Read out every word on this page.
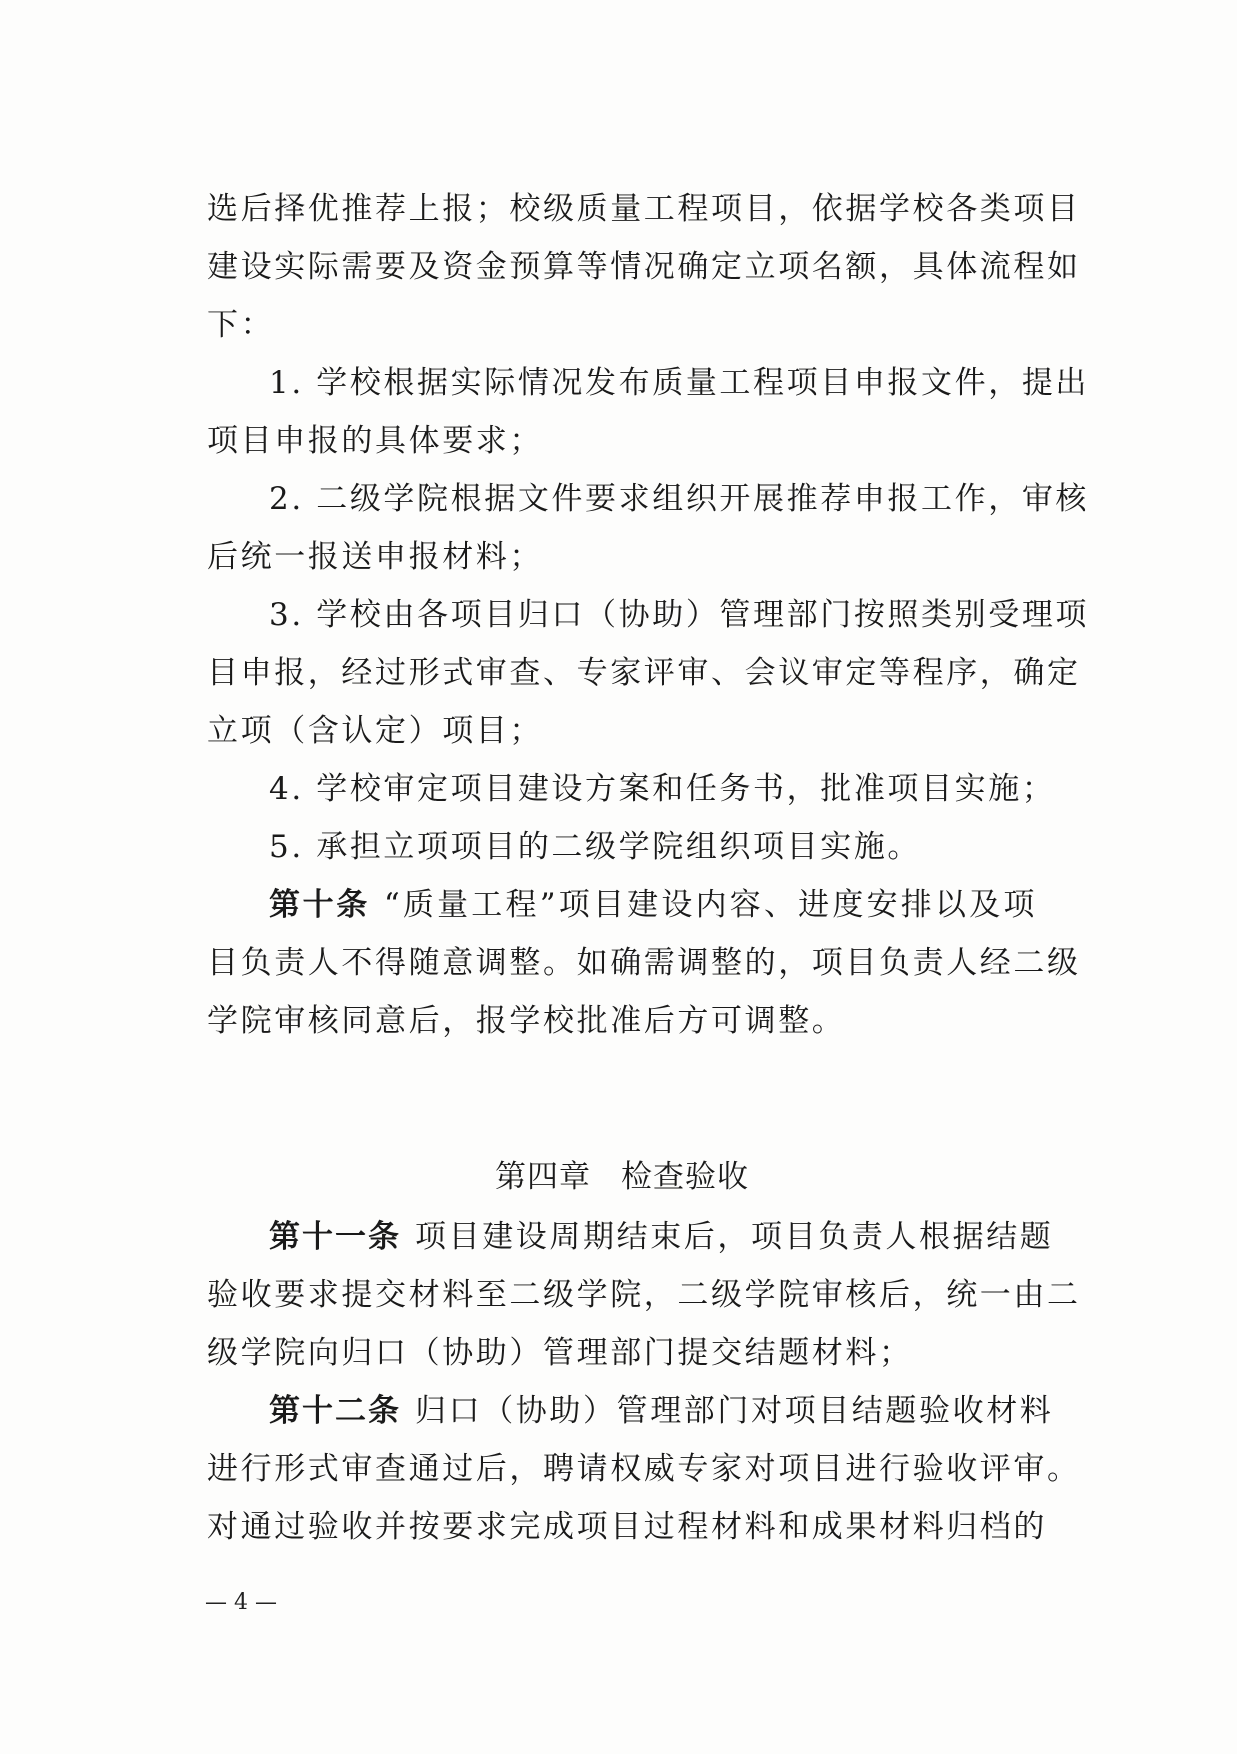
选后择优推荐上报；校级质量工程项目，依据学校各类项目
建设实际需要及资金预算等情况确定立项名额，具体流程如
下：
1. 学校根据实际情况发布质量工程项目申报文件，提出
项目申报的具体要求；
2. 二级学院根据文件要求组织开展推荐申报工作，审核
后统一报送申报材料；
3. 学校由各项目归口（协助）管理部门按照类别受理项
目申报，经过形式审查、专家评审、会议审定等程序，确定
立项（含认定）项目；
4. 学校审定项目建设方案和任务书，批准项目实施；
5. 承担立项项目的二级学院组织项目实施。
第十条 “质量工程”项目建设内容、进度安排以及项
目负责人不得随意调整。如确需调整的，项目负责人经二级
学院审核同意后，报学校批准后方可调整。
第四章 检查验收
第十一条 项目建设周期结束后，项目负责人根据结题
验收要求提交材料至二级学院，二级学院审核后，统一由二
级学院向归口（协助）管理部门提交结题材料；
第十二条 归口（协助）管理部门对项目结题验收材料
进行形式审查通过后，聘请权威专家对项目进行验收评审。
对通过验收并按要求完成项目过程材料和成果材料归档的
— 4 —
